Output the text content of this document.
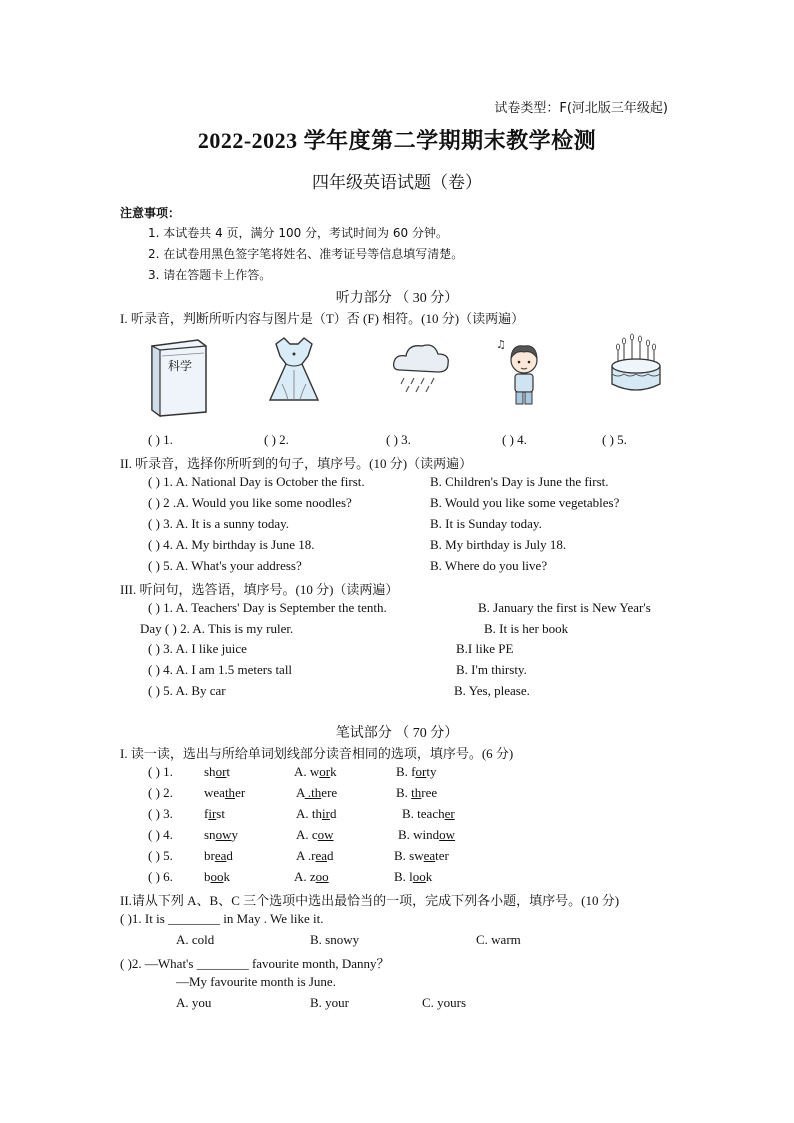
试卷类型：F(河北版三年级起)
2022-2023 学年度第二学期期末教学检测
四年级英语试题（卷）
注意事项：
1. 本试卷共 4 页，满分 100 分，考试时间为 60 分钟。
2. 在试卷用黑色签字笔将姓名、准考证号等信息填写清楚。
3. 请在答题卡上作答。
听力部分 （ 30 分）
I. 听录音，判断所听内容与图片是（T）否 (F) 相符。(10 分)（读两遍）
科学
♫
( ) 1.	( ) 2.	( ) 3.	( ) 4.	( ) 5.
II. 听录音，选择你所听到的句子，填序号。(10 分)（读两遍）
( ) 1. A. National Day is October the first.	B. Children's Day is June the first.
( ) 2 .A. Would you like some noodles?	B. Would you like some vegetables?
( ) 3. A. It is a sunny today.	B. It is Sunday today.
( ) 4. A. My birthday is June 18.	B. My birthday is July 18.
( ) 5. A. What's your address?	B. Where do you live?
III. 听问句，选答语，填序号。(10 分)（读两遍）
( ) 1. A. Teachers' Day is September the tenth.	B. January the first is New Year's
Day ( ) 2. A. This is my ruler.	B. It is her book
( ) 3. A. I like juice	B.I like PE
( ) 4. A. I am 1.5 meters tall	B. I'm thirsty.
( ) 5. A. By car	B. Yes, please.
笔试部分 （ 70 分）
I. 读一读，选出与所给单词划线部分读音相同的选项，填序号。(6 分)
( ) 1. short	A. work	B. forty
( ) 2. weather	A .there	B. three
( ) 3. first	A. third	B. teacher
( ) 4. snowy	A. cow	B. window
( ) 5. bread	A .read	B. sweater
( ) 6. book	A. zoo	B. look
II.请从下列 A、B、C 三个选项中选出最恰当的一项，完成下列各小题，填序号。(10 分)
( )1. It is ________ in May . We like it.
A. cold	B. snowy	C. warm
( )2. —What's ________ favourite month, Danny？
—My favourite month is June.
A. you	B. your	C. yours
